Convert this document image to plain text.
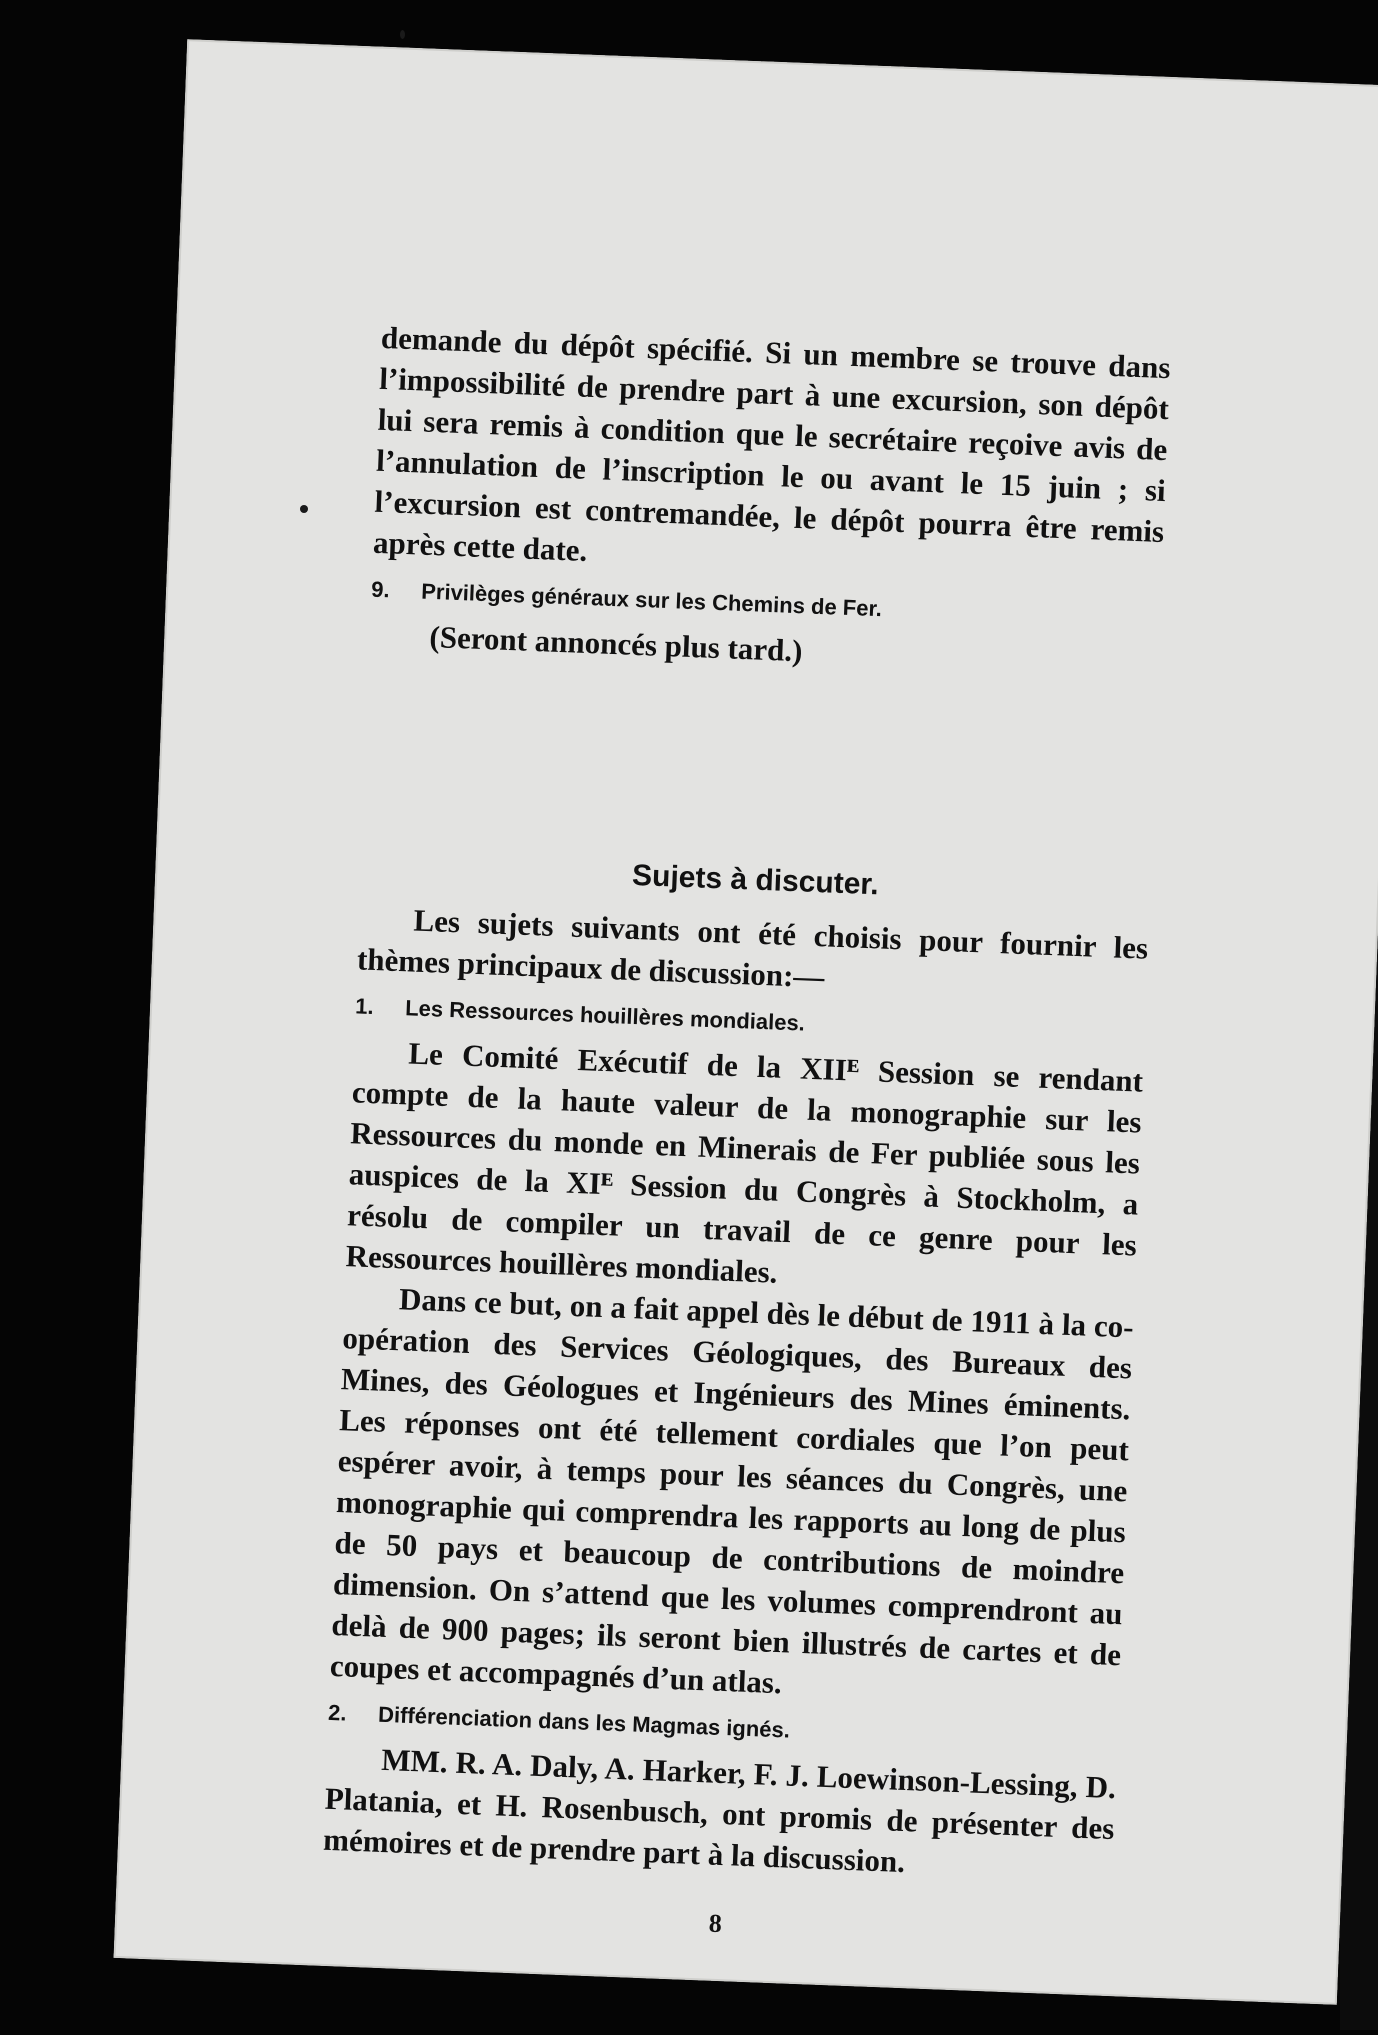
demande du dépôt spécifié. Si un membre se trouve dans l’impossibilité de prendre part à une excursion, son dépôt lui sera remis à condition que le secrétaire reçoive avis de l’annulation de l’inscription le ou avant le 15 juin ; si l’excursion est contremandée, le dépôt pourra être remis après cette date.

9. Privilèges généraux sur les Chemins de Fer.

(Seront annoncés plus tard.)

Sujets à discuter.

Les sujets suivants ont été choisis pour fournir les thèmes principaux de discussion:—

1. Les Ressources houillères mondiales.

Le Comité Exécutif de la XIIᴱ Session se rendant compte de la haute valeur de la monographie sur les Ressources du monde en Minerais de Fer publiée sous les auspices de la XIᴱ Session du Congrès à Stockholm, a résolu de compiler un travail de ce genre pour les Ressources houillères mondiales.

Dans ce but, on a fait appel dès le début de 1911 à la co-opération des Services Géologiques, des Bureaux des Mines, des Géologues et Ingénieurs des Mines éminents. Les réponses ont été tellement cordiales que l’on peut espérer avoir, à temps pour les séances du Congrès, une monographie qui comprendra les rapports au long de plus de 50 pays et beaucoup de contributions de moindre dimension. On s’attend que les volumes comprendront au delà de 900 pages; ils seront bien illustrés de cartes et de coupes et accompagnés d’un atlas.

2. Différenciation dans les Magmas ignés.

MM. R. A. Daly, A. Harker, F. J. Loewinson-Lessing, D. Platania, et H. Rosenbusch, ont promis de présenter des mémoires et de prendre part à la discussion.

8
